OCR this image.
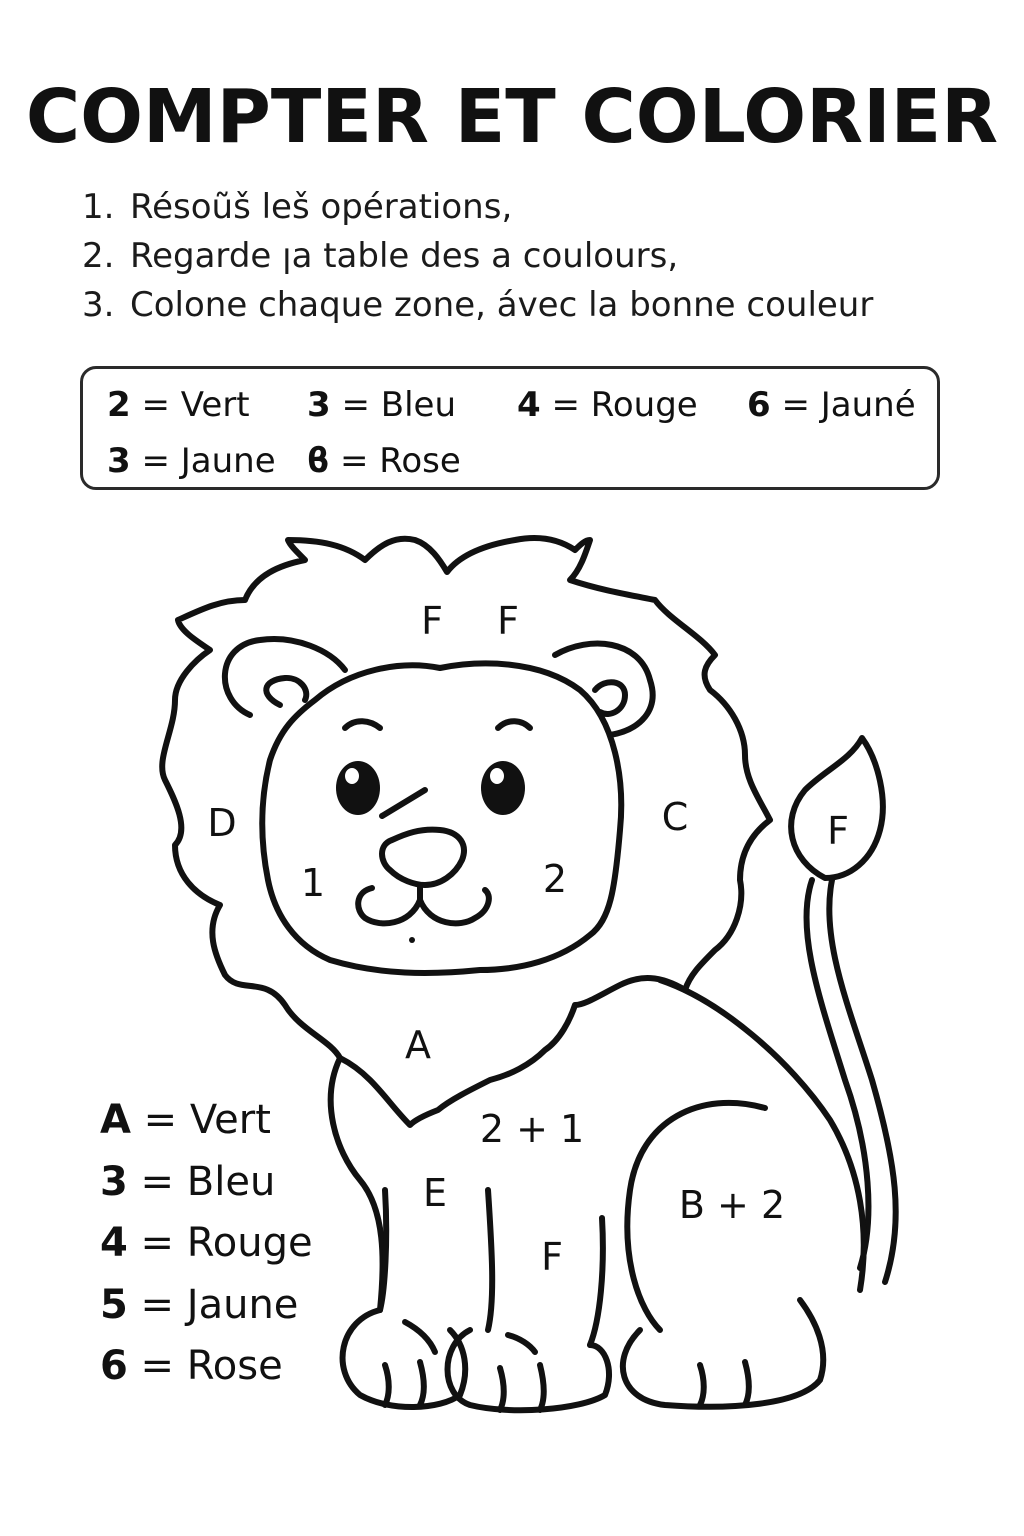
COMPTER ET COLORIER
1. Résoũš leš opérations,
2. Regarde ꞁa table des a coulours,
3. Colone chaque zone, ávec la bonne couleur
2 = Vert 3 = Bleu 4 = Rouge 6 = Jauné
3 = Jaune ϐ = Rose
F F
D	C
1	2
F
A
2 + 1
E
F
B + 2
A = Vert
3 = Bleu
4 = Rouge
5 = Jaune
6 = Rose
